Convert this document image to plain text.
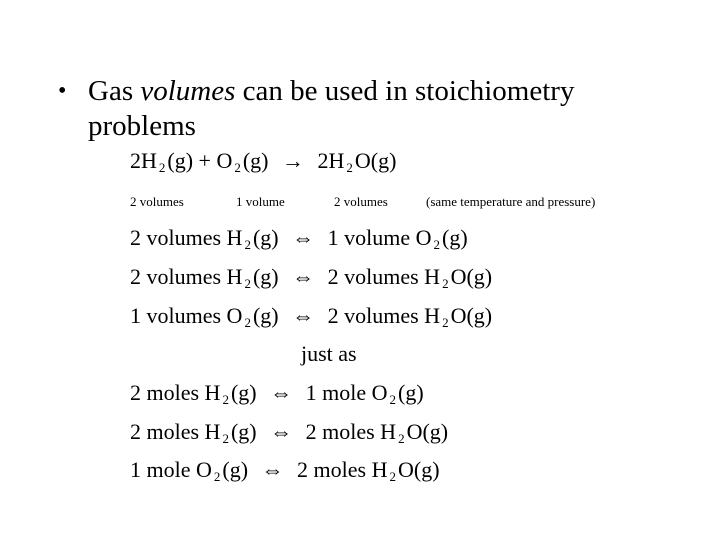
• Gas volumes can be used in stoichiometry problems
2H $_2$(g) + O $_2$(g) → 2H $_2$O(g)
2 volumes	1 volume	2 volumes	(same temperature and pressure)
2 volumes H $_2$(g) ⇔ 1 volume O $_2$(g)
2 volumes H $_2$(g) ⇔ 2 volumes H $_2$O(g)
1 volumes O $_2$(g) ⇔ 2 volumes H $_2$O(g)
just as
2 moles H $_2$(g) ⇔ 1 mole O $_2$(g)
2 moles H $_2$(g) ⇔ 2 moles H $_2$O(g)
1 mole O $_2$(g) ⇔ 2 moles H $_2$O(g)
